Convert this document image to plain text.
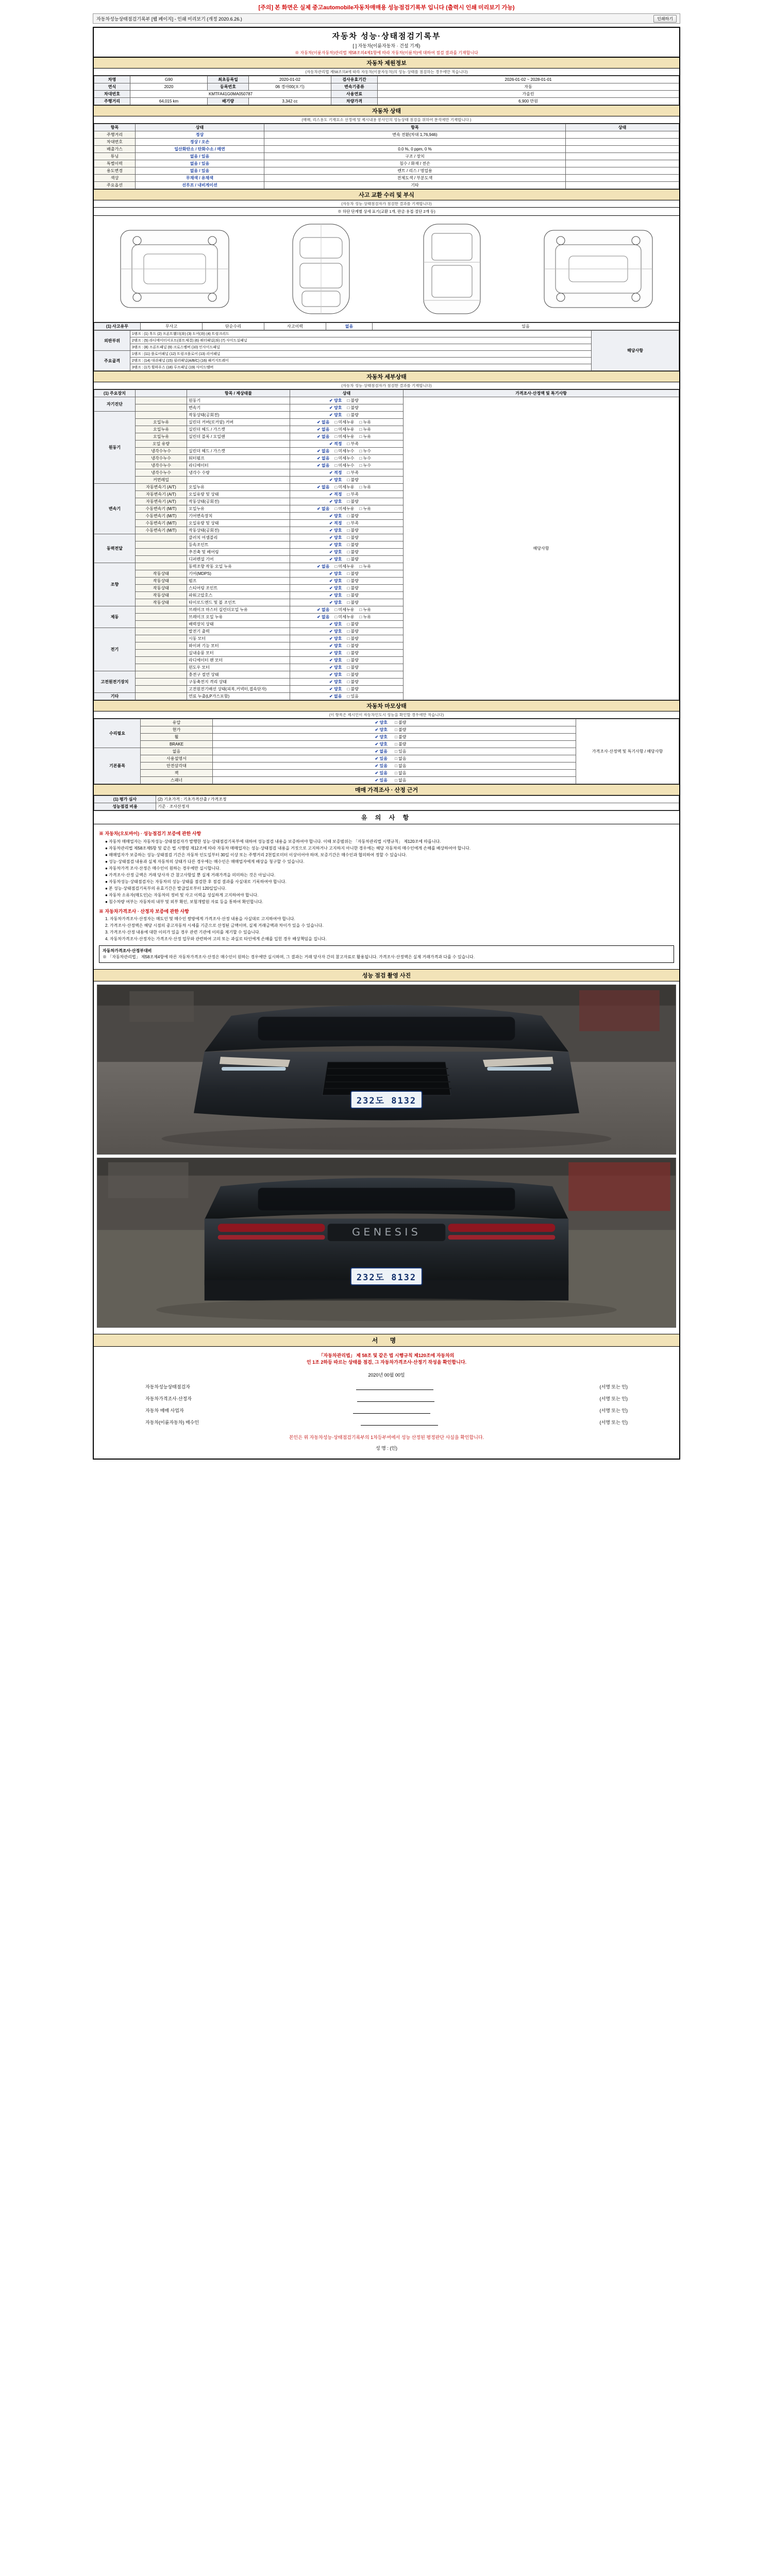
[주의] 본 화면은 실제 중고automobile자동차매매용 성능점검기록부 입니다 (출력시 인쇄 미리보기 가능)
자동차성능상태점검기록부 [웹 페이지] - 인쇄 미리보기 (개정 2020.6.26.)	인쇄하기
자동차 성능·상태점검기록부
[ ] 자동차(이륜자동차 · 건설 기계)
※ 자동차(이륜자동차)관리법 제58조의4제1항에 따라 자동차(이륜차)에 대하여 점검 결과를 기재합니다
자동차 제원정보
(자동차관리법 제58조의4에 따라 자동차(이륜자동차)의 성능·상태를 점검하는 경우에만 적습니다)
차명	G90	최초등록일	2020-01-02	검사유효기간	2026-01-02 ~ 2028-01-01
연식	2020	등록번호	06 경아00(포기)	변속기종류	자동
차대번호	KMTFA41G0MA050787			사용연료	가솔린
주행거리	64,015 km	배기량	3,342 cc	차량가격	6,900 만원
자동차 상태
(매매, 리스용도 기재요소 선정에 및 제시내용 봉사인의 성능상태 점검을 위하여 분석에만 기재합니다.)
항목	상태	항목	상태
주행거리	정상	변속 전환(차대 1,76,946)	
차대번호	정상 / 오손		
배출가스	일산화탄소 / 탄화수소 / 매연	0.0 %, 0 ppm, 0 %	
튜닝	없음 / 있음	구조 / 장치	
특별이력	없음 / 있음	침수 / 화재 / 전손	
용도변경	없음 / 있음	렌트 / 리스 / 영업용	
색상	무채색 / 유채색	전체도색 / 부분도색	
주요옵션	선루프 / 내비게이션	기타	
사고 교환 수리 및 부식
(자동차 성능·상태점검자가 점검한 결과를 기재합니다)
※ 하단 단계별 상세 표기(교환 1개, 판금·용접·절단 2개 등)
(1) 사고유무	무사고	단순수리	사고이력	없음	있음
외판부위	1랭크 : (1) 후드 (2) 프론트휀더(좌) (3) 도어(좌) (4) 트렁크리드	해당사항
	2랭크 : (5) 라디에이터서포트(볼트체결) (6) 쿼터패널(좌) (7) 사이드실패널	
	3랭크 : (8) 프론트패널 (9) 크로스멤버 (10) 인사이드패널	
주요골격	1랭크 : (11) 플로어패널 (12) 트렁크플로어 (13) 리어패널	
	2랭크 : (14) 대쉬패널 (15) 필러패널(A/B/C) (16) 패키지트레이	
	3랭크 : (17) 휠하우스 (18) 루프패널 (19) 사이드멤버	
자동차 세부상태
(자동차 성능·상태점검자가 점검한 결과를 기재합니다)
(1) 주요장치		항목 / 제상태물	상태	가격조사·산정액 및 특기사항
자기진단		원동기	✔ 양호 □ 불량	해당사항
		변속기	✔ 양호 □ 불량	
원동기		작동상태(공회전)	✔ 양호 □ 불량	
	오일누유	실린더 커버(로커암) 커버	✔ 없음 □ 미세누유 □ 누유	
	오일누유	실린더 헤드 / 가스켓	✔ 없음 □ 미세누유 □ 누유	
	오일누유	실린더 블록 / 오일팬	✔ 없음 □ 미세누유 □ 누유	
	오일 유량		✔ 적정 □ 부족	
	냉각수누수	실린더 헤드 / 가스켓	✔ 없음 □ 미세누수 □ 누수	
	냉각수누수	워터펌프	✔ 없음 □ 미세누수 □ 누수	
	냉각수누수	라디에이터	✔ 없음 □ 미세누수 □ 누수	
	냉각수누수	냉각수 수량	✔ 적정 □ 부족	
	커먼레일		✔ 양호 □ 불량	
변속기	자동변속기 (A/T)	오일누유	✔ 없음 □ 미세누유 □ 누유	
	자동변속기 (A/T)	오일유량 및 상태	✔ 적정 □ 부족	
	자동변속기 (A/T)	작동상태(공회전)	✔ 양호 □ 불량	
	수동변속기 (M/T)	오일누유	✔ 없음 □ 미세누유 □ 누유	
	수동변속기 (M/T)	기어변속장치	✔ 양호 □ 불량	
	수동변속기 (M/T)	오일유량 및 상태	✔ 적정 □ 부족	
	수동변속기 (M/T)	작동상태(공회전)	✔ 양호 □ 불량	
동력전달		클러치 어셈블리	✔ 양호 □ 불량	
		등속조인트	✔ 양호 □ 불량	
		추진축 및 베어링	✔ 양호 □ 불량	
		디퍼렌셜 기어	✔ 양호 □ 불량	
조향		동력조향 작동 오일 누유	✔ 없음 □ 미세누유 □ 누유	
	작동상태	기어(MDPS)	✔ 양호 □ 불량	
	작동상태	펌프	✔ 양호 □ 불량	
	작동상태	스티어링 조인트	✔ 양호 □ 불량	
	작동상태	파워고압호스	✔ 양호 □ 불량	
	작동상태	타이로드엔드 및 볼 조인트	✔ 양호 □ 불량	
제동		브레이크 마스터 실린더오일 누유	✔ 없음 □ 미세누유 □ 누유	
		브레이크 오일 누유	✔ 없음 □ 미세누유 □ 누유	
		배력장치 상태	✔ 양호 □ 불량	
전기		발전기 출력	✔ 양호 □ 불량	
		시동 모터	✔ 양호 □ 불량	
		와이퍼 기능 모터	✔ 양호 □ 불량	
		실내송풍 모터	✔ 양호 □ 불량	
		라디에이터 팬 모터	✔ 양호 □ 불량	
		윈도우 모터	✔ 양호 □ 불량	
고전원전기장치		충전구 절연 상태	✔ 양호 □ 불량	
		구동축전지 격리 상태	✔ 양호 □ 불량	
		고전원전기배선 상태(피복,커넥터,접속단자)	✔ 양호 □ 불량	
기타		연료 누출(LP가스포함)	✔ 없음 □ 있음	
자동차 마모상태
(이 항목은 제시인이 자동차인도시 성능을 확인할 경우에만 적습니다)
수리필요	유압	✔ 양호 □ 불량	가격조사·산정액 및 특기사항 / 해당사항
	현가	✔ 양호 □ 불량	
	휠	✔ 양호 □ 불량	
	BRAKE	✔ 양호 □ 불량	
기본품목	없음	✔ 없음 □ 있음	
	사용설명서	✔ 있음 □ 없음	
	안전삼각대	✔ 있음 □ 없음	
	잭	✔ 있음 □ 없음	
	스패너	✔ 있음 □ 없음	
매매 가격조사 · 산정 근거
(1) 평가 심사	(2) 기초가격 : 기초가격산출 / 가격조정
성능점검 비용	기준 · 조사산정자
유 의 사 항
※ 자동차(오토바이) · 성능점검기 보증에 관한 사항
● 자동차 매매업자는 자동차성능·상태점검자가 발행한 성능·상태점검기록부에 대하여 성능점검 내용을 보증하여야 합니다. 이때 보증범위는 「자동차관리법 시행규칙」 제120조에 따릅니다.
● 자동차관리법 제58조제5항 및 같은 법 시행령 제12조에 따라 자동차 매매업자는 성능·상태점검 내용을 거짓으로 고지하거나 고지하지 아니한 경우에는 해당 자동차의 매수인에게 손해를 배상하여야 합니다.
● 매매업자가 보증하는 성능·상태점검 기간은 자동차 인도일부터 30일 이상 또는 주행거리 2천킬로미터 이상이어야 하며, 보증기간은 매수인과 협의하여 정할 수 있습니다.
● 성능·상태점검 내용과 실제 자동차의 상태가 다른 경우에는 매수인은 매매업자에게 배상을 청구할 수 있습니다.
● 자동차가격 조사·산정은 매수인이 원하는 경우에만 실시합니다.
● 가격조사·산정 금액은 거래 당사자 간 참고사항일 뿐 실제 거래가격을 의미하는 것은 아닙니다.
● 자동차성능·상태점검자는 자동차의 성능·상태를 점검한 후 점검 결과를 사실대로 기록하여야 합니다.
● 본 성능·상태점검기록부의 유효기간은 발급일로부터 120일입니다.
● 자동차 소유자(매도인)는 자동차의 정비 및 사고 이력을 성실하게 고지하여야 합니다.
● 침수차량 여부는 자동차의 내부 및 외부 확인, 보험개발원 자료 등을 통하여 확인합니다.
※ 자동차가격조사 · 산정자 보증에 관한 사항
1. 자동차가격조사·산정자는 매도인 및 매수인 쌍방에게 가격조사·산정 내용을 사실대로 고지하여야 합니다.
2. 가격조사·산정액은 해당 시점의 중고자동차 시세를 기준으로 산정된 금액이며, 실제 거래금액과 차이가 있을 수 있습니다.
3. 가격조사·산정 내용에 대한 이의가 있을 경우 관련 기관에 이의를 제기할 수 있습니다.
4. 자동차가격조사·산정자는 가격조사·산정 업무와 관련하여 고의 또는 과실로 타인에게 손해를 입힌 경우 배상책임을 집니다.
자동차가격조사·산정부대비
※ 「자동차관리법」 제58조제4항에 따른 자동차가격조사·산정은 매수인이 원하는 경우에만 실시하며, 그 결과는 거래 당사자 간의 참고자료로 활용됩니다. 가격조사·산정액은 실제 거래가격과 다를 수 있습니다.
성능 점검 촬영 사진
232도 8132
GENESIS
232도 8132
서 명
「자동차관리법」 제 58조 및 같은 법 시행규칙 제120조에 자동차의
인 1조 2하등 따르는 상태를 점검, 그 자동차가격조사·산정기 작성을 확인합니다.
2020년 00월 00일
자동차성능상태점검자
	(서명 또는 인)
자동차가격조사·산정자
	(서명 또는 인)
자동차 매매 사업자
	(서명 또는 인)
자동차(이륜자동차) 매수인
	(서명 또는 인)
본인은 위 자동차성능·상태점검기록부의 1차등부여에서 성능 산정된 평정판단 사실을 확인합니다.
성 명 : (인)
